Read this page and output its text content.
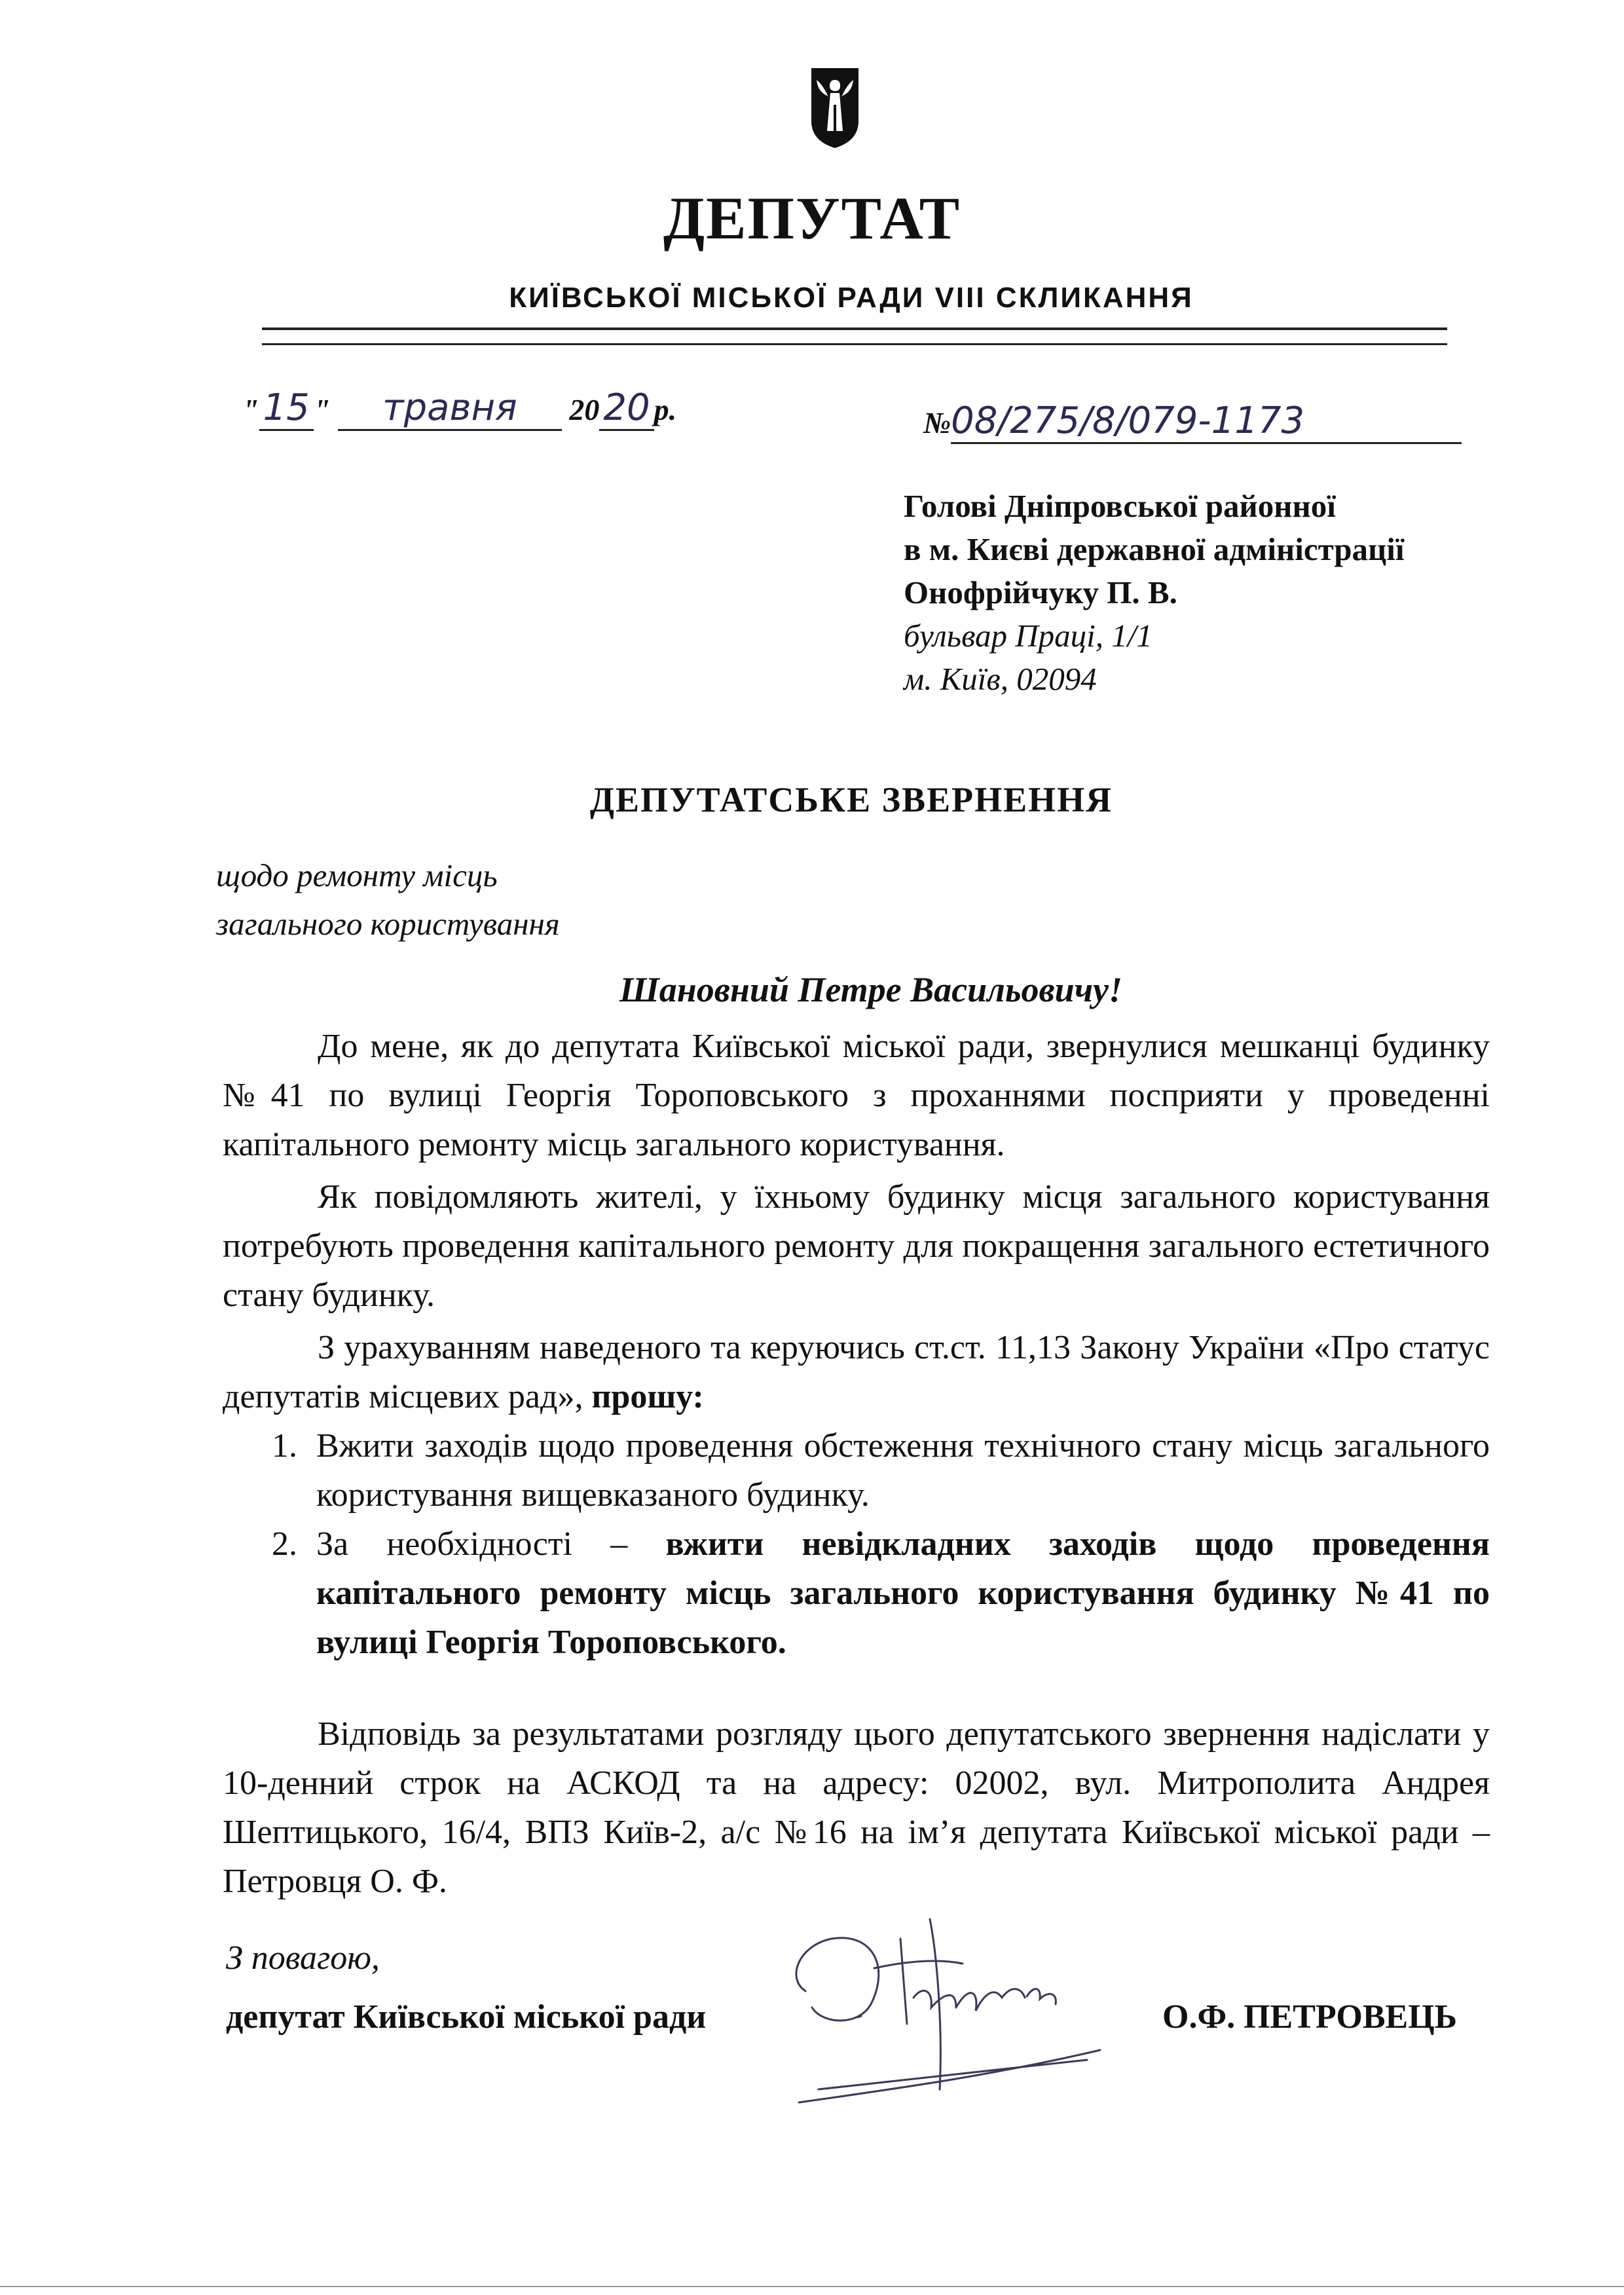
ДЕПУТАТ
КИЇВСЬКОЇ МІСЬКОЇ РАДИ VIII СКЛИКАННЯ
" 15 " травня 20 20 р.	№08/275/8/079-1173
Голові Дніпровської районної
в м. Києві державної адміністрації
Онофрійчуку П. В.
бульвар Праці, 1/1
м. Київ, 02094
ДЕПУТАТСЬКЕ ЗВЕРНЕННЯ
щодо ремонту місць
загального користування
Шановний Петре Васильовичу!
До мене, як до депутата Київської міської ради, звернулися мешканці будинку №41 по вулиці Георгія Тороповського з проханнями посприяти у проведенні капітального ремонту місць загального користування.
Як повідомляють жителі, у їхньому будинку місця загального користування потребують проведення капітального ремонту для покращення загального естетичного стану будинку.
З урахуванням наведеного та керуючись ст.ст. 11,13 Закону України «Про статус депутатів місцевих рад», прошу:
1. Вжити заходів щодо проведення обстеження технічного стану місць загального користування вищевказаного будинку.
2. За необхідності – вжити невідкладних заходів щодо проведення капітального ремонту місць загального користування будинку №41 по вулиці Георгія Тороповського.
Відповідь за результатами розгляду цього депутатського звернення надіслати у 10-денний строк на АСКОД та на адресу: 02002, вул. Митрополита Андрея Шептицького, 16/4, ВПЗ Київ-2, а/с №16 на ім’я депутата Київської міської ради – Петровця О. Ф.
З повагою,
депутат Київської міської ради	О.Ф. ПЕТРОВЕЦЬ
